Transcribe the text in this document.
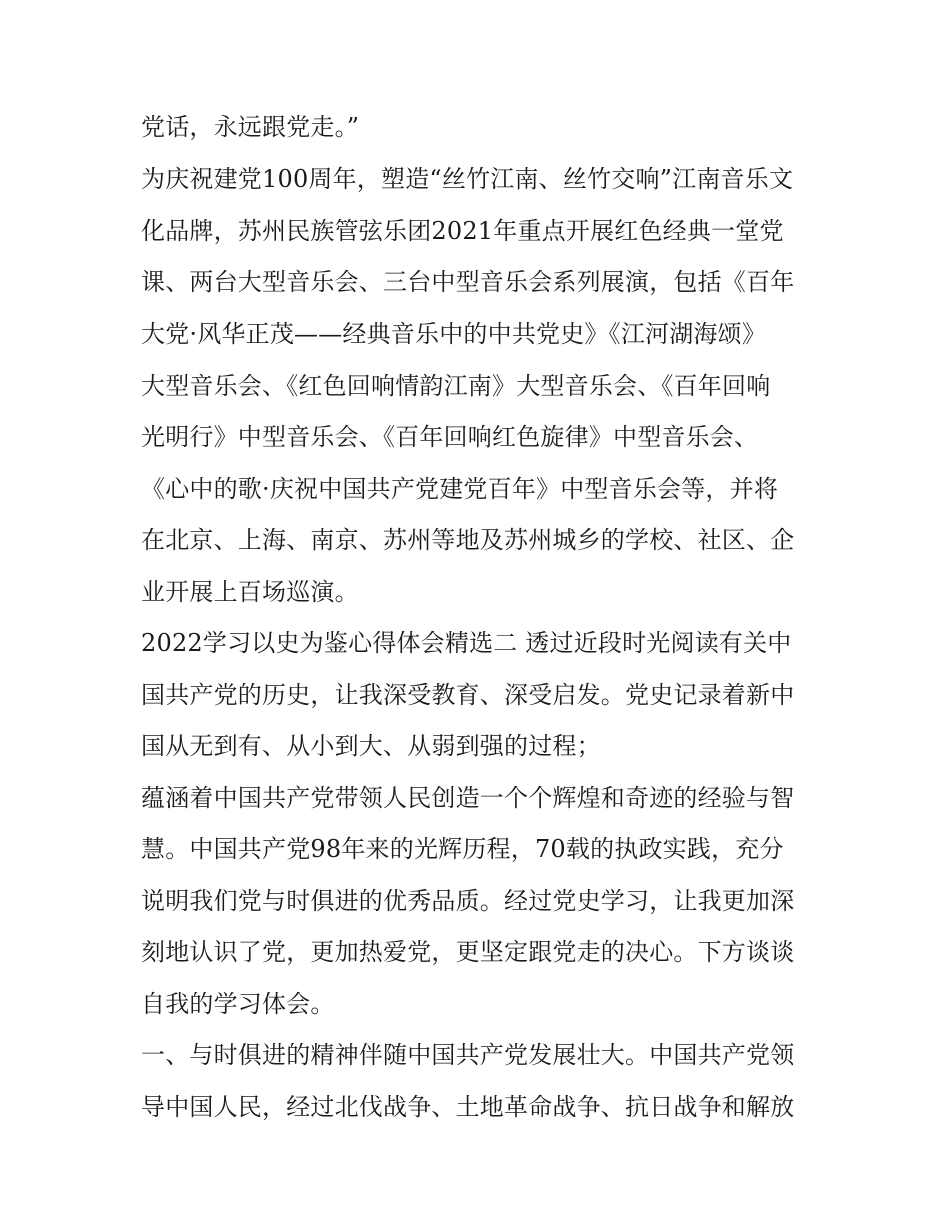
党话，永远跟党走。”
为庆祝建党100周年，塑造“丝竹江南、丝竹交响”江南音乐文
化品牌，苏州民族管弦乐团2021年重点开展红色经典一堂党
课、两台大型音乐会、三台中型音乐会系列展演，包括《百年
大党·风华正茂——经典音乐中的中共党史》《江河湖海颂》
大型音乐会、《红色回响情韵江南》大型音乐会、《百年回响
光明行》中型音乐会、《百年回响红色旋律》中型音乐会、
《心中的歌·庆祝中国共产党建党百年》中型音乐会等，并将
在北京、上海、南京、苏州等地及苏州城乡的学校、社区、企
业开展上百场巡演。
2022学习以史为鉴心得体会精选二 透过近段时光阅读有关中
国共产党的历史，让我深受教育、深受启发。党史记录着新中
国从无到有、从小到大、从弱到强的过程；
蕴涵着中国共产党带领人民创造一个个辉煌和奇迹的经验与智
慧。中国共产党98年来的光辉历程，70载的执政实践，充分
说明我们党与时俱进的优秀品质。经过党史学习，让我更加深
刻地认识了党，更加热爱党，更坚定跟党走的决心。下方谈谈
自我的学习体会。
一、与时俱进的精神伴随中国共产党发展壮大。中国共产党领
导中国人民，经过北伐战争、土地革命战争、抗日战争和解放
